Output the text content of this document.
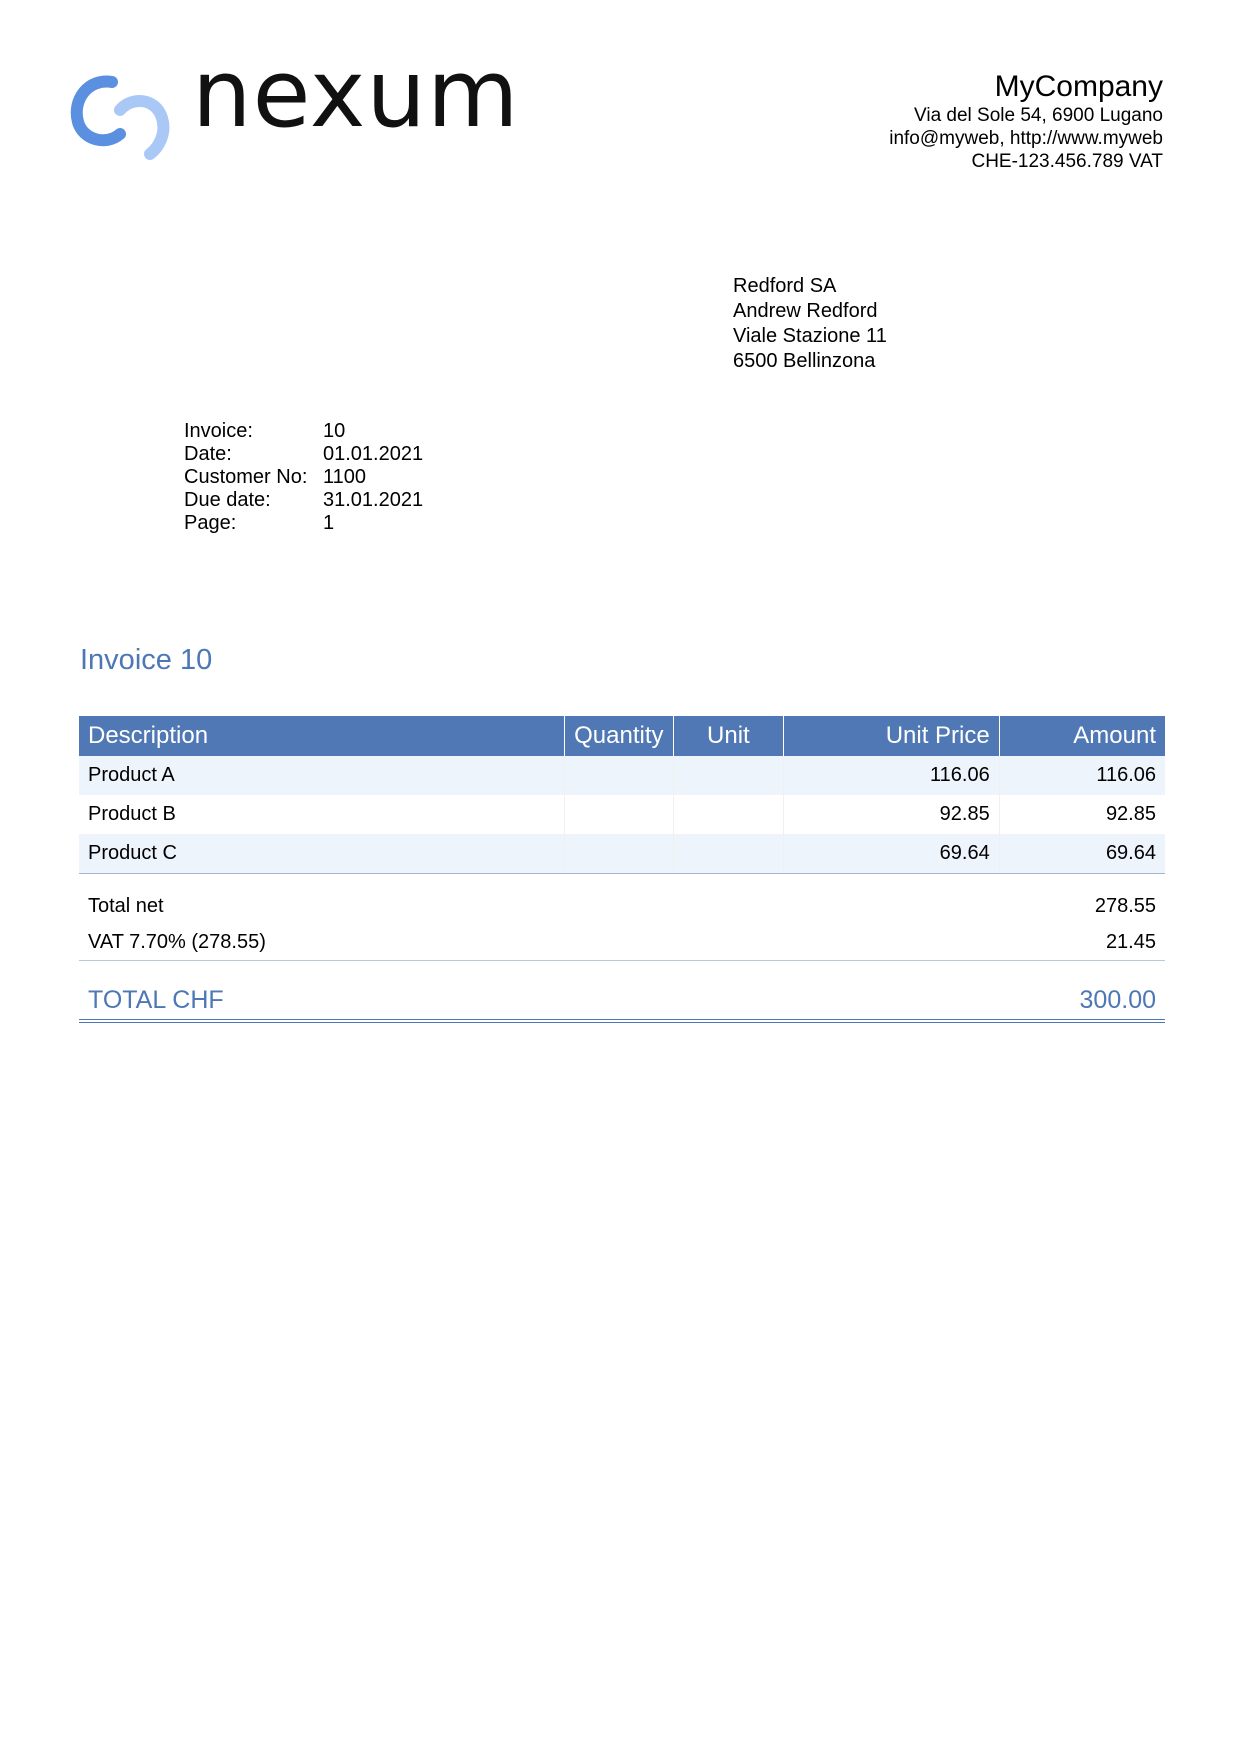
nexum	MyCompany
Via del Sole 54, 6900 Lugano
info@myweb, http://www.myweb
CHE-123.456.789 VAT
Redford SA
Andrew Redford
Viale Stazione 11
6500 Bellinzona
Invoice:	10
Date:	01.01.2021
Customer No: 1100
Due date:	31.01.2021
Page:	1
Invoice 10
Description	Quantity	Unit	Unit Price	Amount
Product A			116.06	116.06
Product B			92.85	92.85
Product C			69.64	69.64
Total net	278.55
VAT 7.70% (278.55)	21.45
TOTAL CHF	300.00
